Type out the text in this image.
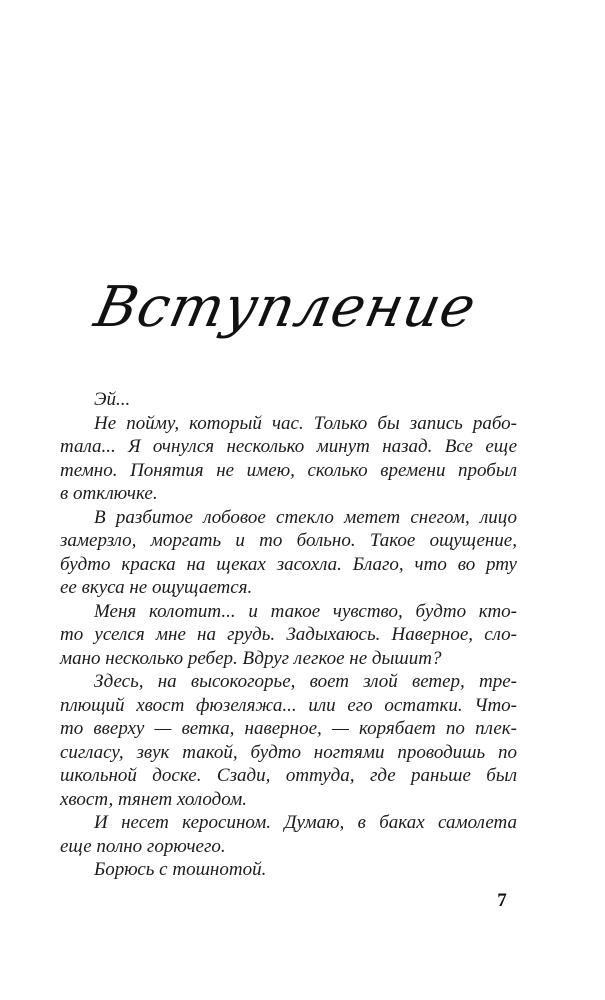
Вступление
Эй...
Не пойму, который час. Только бы запись рабо-
тала... Я очнулся несколько минут назад. Все еще
темно. Понятия не имею, сколько времени пробыл
в отключке.
В разбитое лобовое стекло метет снегом, лицо
замерзло, моргать и то больно. Такое ощущение,
будто краска на щеках засохла. Благо, что во рту
ее вкуса не ощущается.
Меня колотит... и такое чувство, будто кто-
то уселся мне на грудь. Задыхаюсь. Наверное, сло-
мано несколько ребер. Вдруг легкое не дышит?
Здесь, на высокогорье, воет злой ветер, тре-
плющий хвост фюзеляжа... или его остатки. Что-
то вверху — ветка, наверное, — корябает по плек-
сигласу, звук такой, будто ногтями проводишь по
школьной доске. Сзади, оттуда, где раньше был
хвост, тянет холодом.
И несет керосином. Думаю, в баках самолета
еще полно горючего.
Борюсь с тошнотой.
7
